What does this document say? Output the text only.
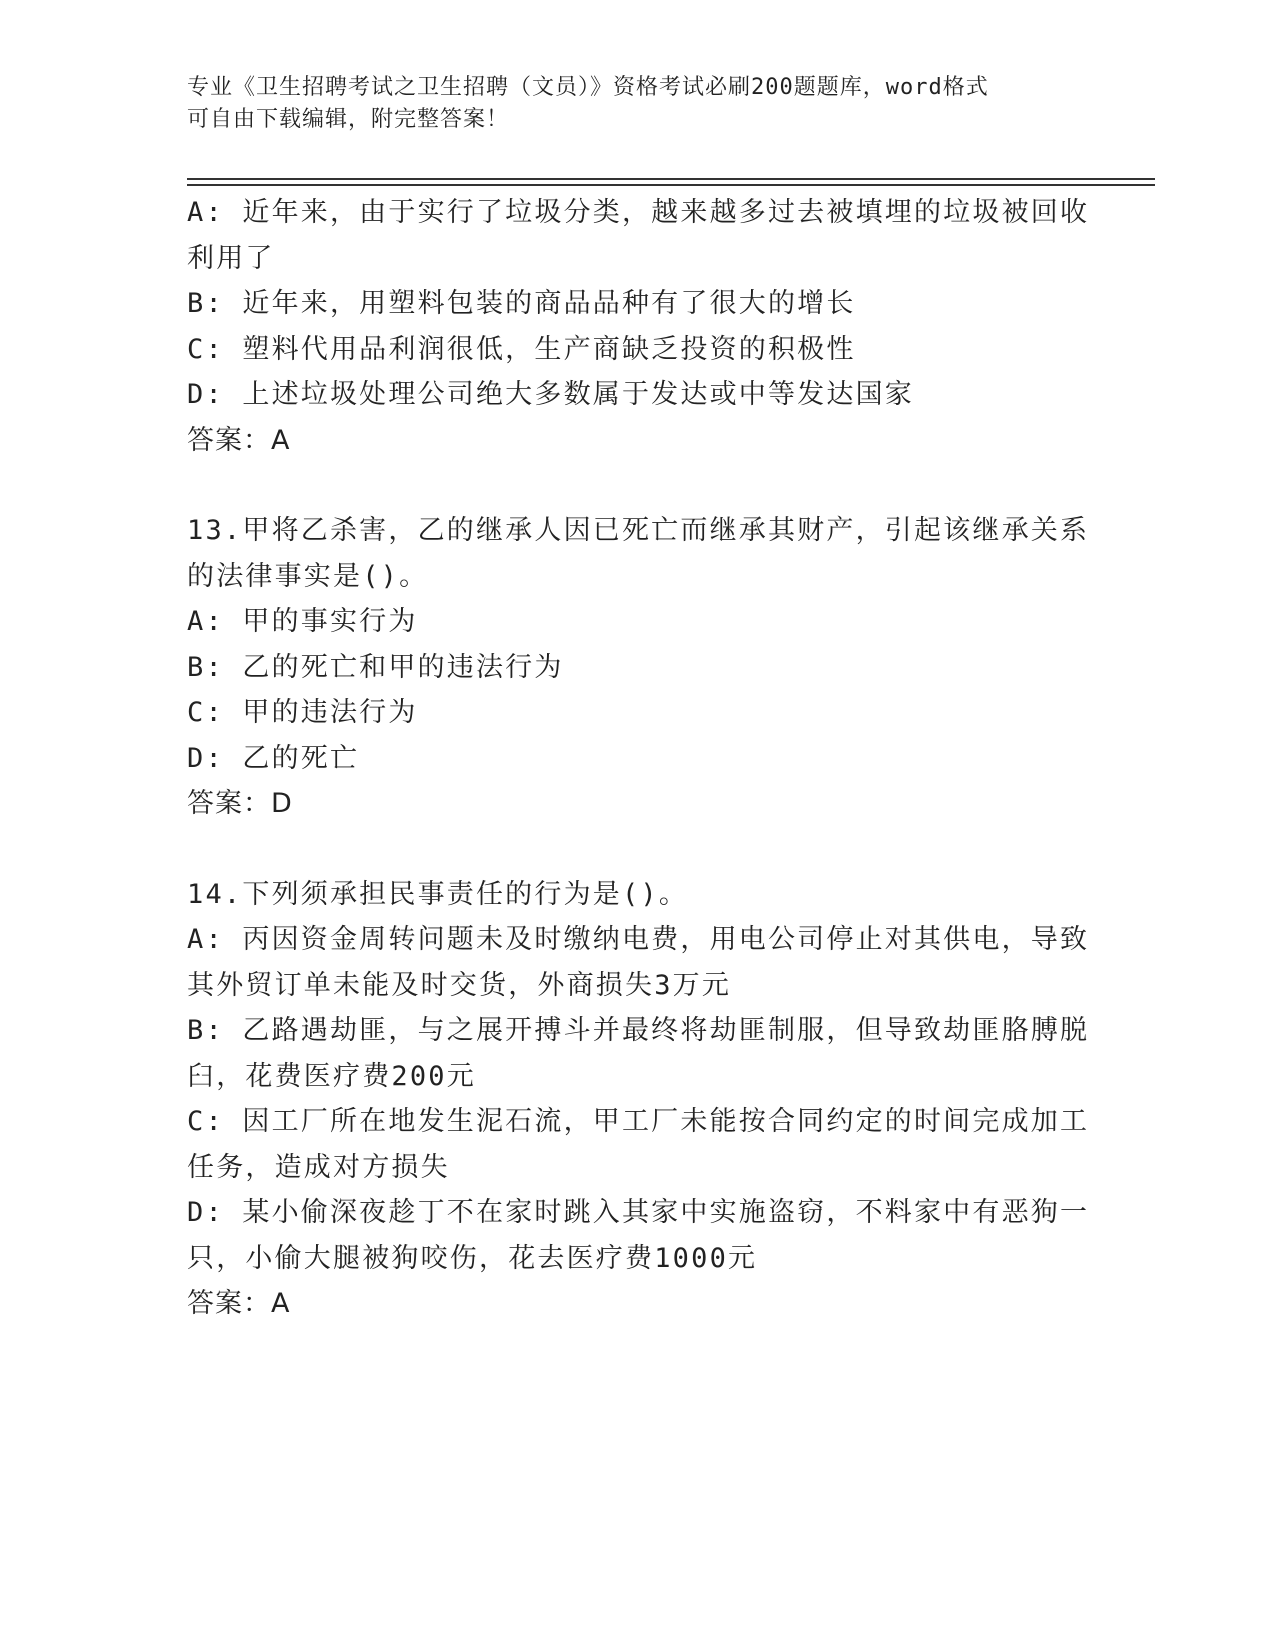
专业《卫生招聘考试之卫生招聘（文员）》资格考试必刷200题题库，word格式
可自由下载编辑，附完整答案！
A: 近年来，由于实行了垃圾分类，越来越多过去被填埋的垃圾被回收
利用了
B: 近年来，用塑料包装的商品品种有了很大的增长
C: 塑料代用品利润很低，生产商缺乏投资的积极性
D: 上述垃圾处理公司绝大多数属于发达或中等发达国家
答案：A
13.甲将乙杀害，乙的继承人因已死亡而继承其财产，引起该继承关系
的法律事实是()。
A: 甲的事实行为
B: 乙的死亡和甲的违法行为
C: 甲的违法行为
D: 乙的死亡
答案：D
14.下列须承担民事责任的行为是()。
A: 丙因资金周转问题未及时缴纳电费，用电公司停止对其供电，导致
其外贸订单未能及时交货，外商损失3万元
B: 乙路遇劫匪，与之展开搏斗并最终将劫匪制服，但导致劫匪胳膊脱
臼，花费医疗费200元
C: 因工厂所在地发生泥石流，甲工厂未能按合同约定的时间完成加工
任务，造成对方损失
D: 某小偷深夜趁丁不在家时跳入其家中实施盗窃，不料家中有恶狗一
只，小偷大腿被狗咬伤，花去医疗费1000元
答案：A
